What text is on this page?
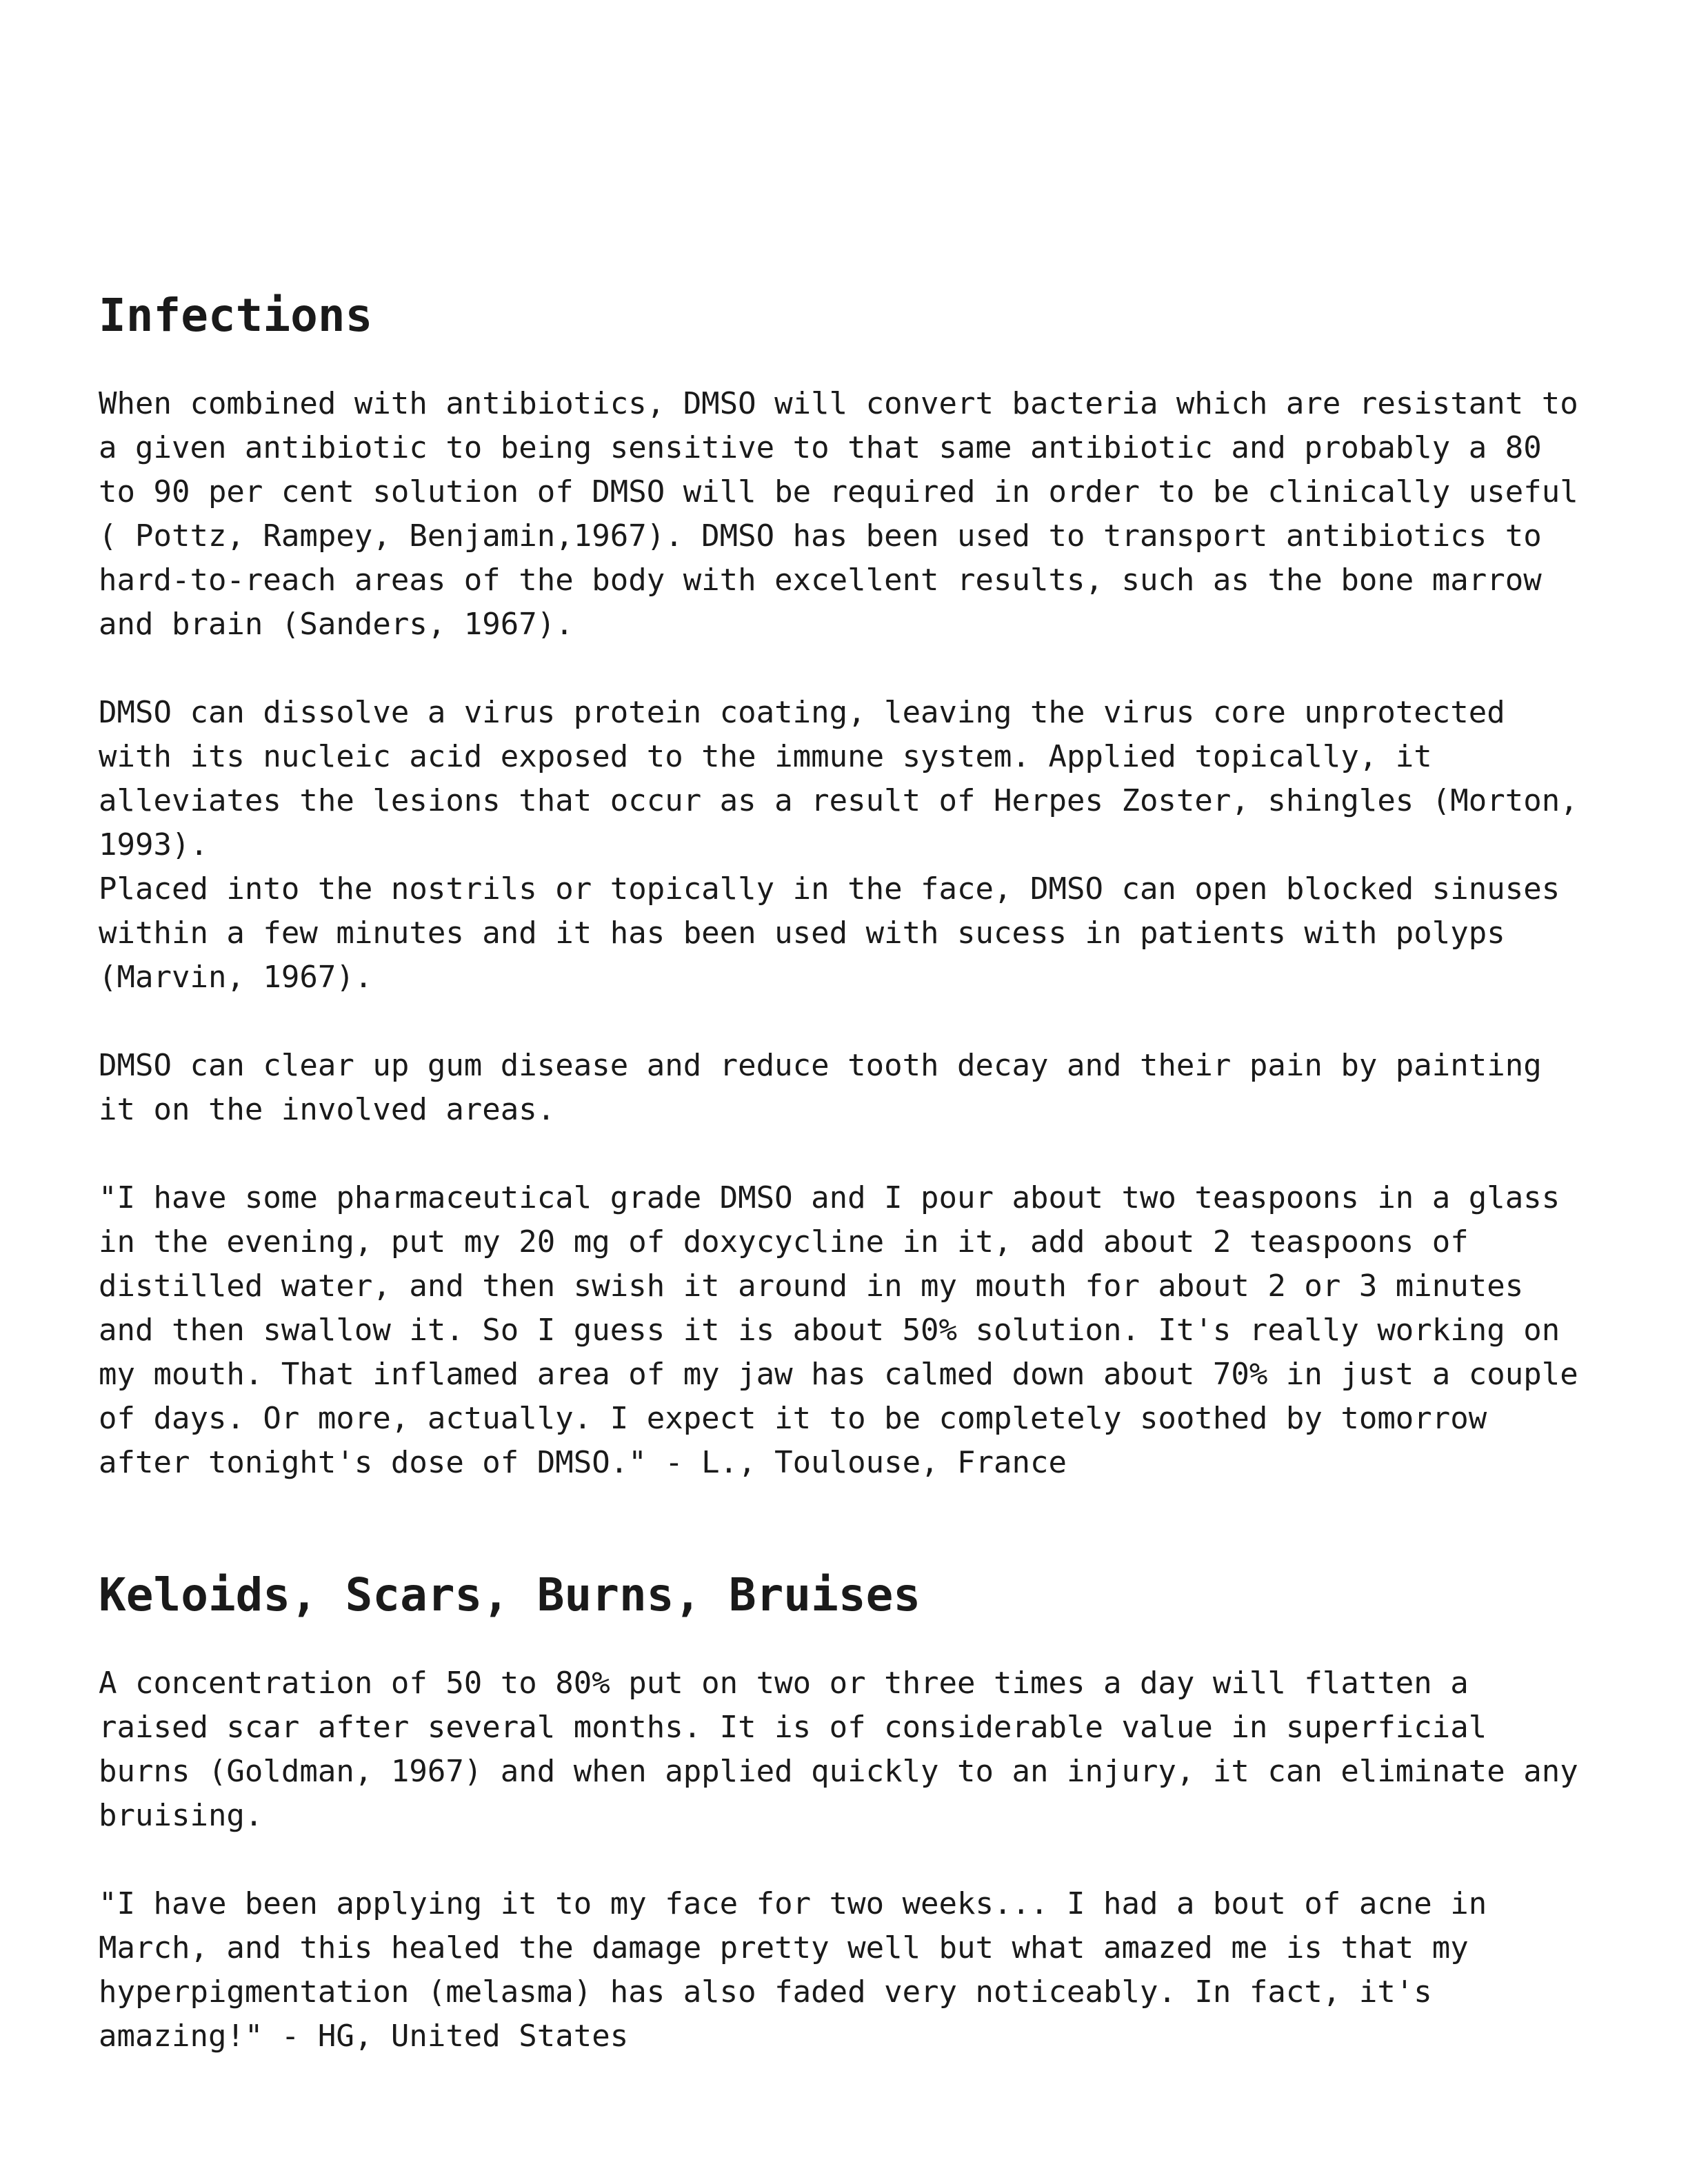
Infections

When combined with antibiotics, DMSO will convert bacteria which are resistant to
a given antibiotic to being sensitive to that same antibiotic and probably a 80
to 90 per cent solution of DMSO will be required in order to be clinically useful
( Pottz, Rampey, Benjamin,1967). DMSO has been used to transport antibiotics to
hard-to-reach areas of the body with excellent results, such as the bone marrow
and brain (Sanders, 1967).

DMSO can dissolve a virus protein coating, leaving the virus core unprotected
with its nucleic acid exposed to the immune system. Applied topically, it
alleviates the lesions that occur as a result of Herpes Zoster, shingles (Morton,
1993).
Placed into the nostrils or topically in the face, DMSO can open blocked sinuses
within a few minutes and it has been used with sucess in patients with polyps
(Marvin, 1967).

DMSO can clear up gum disease and reduce tooth decay and their pain by painting
it on the involved areas.

"I have some pharmaceutical grade DMSO and I pour about two teaspoons in a glass
in the evening, put my 20 mg of doxycycline in it, add about 2 teaspoons of
distilled water, and then swish it around in my mouth for about 2 or 3 minutes
and then swallow it. So I guess it is about 50% solution. It's really working on
my mouth. That inflamed area of my jaw has calmed down about 70% in just a couple
of days. Or more, actually. I expect it to be completely soothed by tomorrow
after tonight's dose of DMSO." - L., Toulouse, France

Keloids, Scars, Burns, Bruises

A concentration of 50 to 80% put on two or three times a day will flatten a
raised scar after several months. It is of considerable value in superficial
burns (Goldman, 1967) and when applied quickly to an injury, it can eliminate any
bruising.

"I have been applying it to my face for two weeks... I had a bout of acne in
March, and this healed the damage pretty well but what amazed me is that my
hyperpigmentation (melasma) has also faded very noticeably. In fact, it's
amazing!" - HG, United States
